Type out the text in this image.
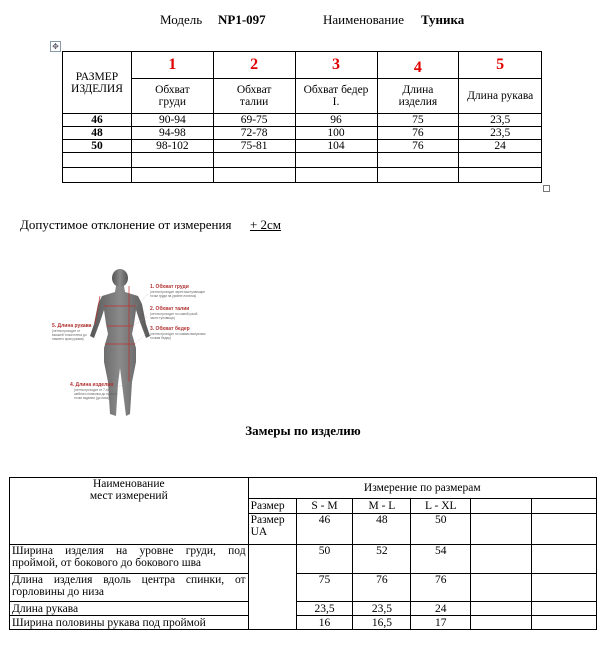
Модель NP1-097	Наименование Туника
✥
РАЗМЕР ИЗДЕЛИЯ	1	2	3	4	5

	Обхват груди	Обхват талии	Обхват бедер I.	Длина изделия	Длина рукава
46	90-94	69-75	96	75	23,5
48	94-98	72-78	100	76	23,5
50	98-102	75-81	104	76	24

Допустимое отклонение от измерения + 2см
1. Обхват груди
(лента проходит через выступающие
точки груди на уровне лопаток)
2. Обхват талии
(лента проходит по самой узкой
части туловища)
3. Обхват бедер
(лента проходит по самым выпуклым
точкам бедер)
4. Длина изделия
(лента проходит от 7-го
шейного позвонка до нужной
точки изделия (до низа))
5. Длина рукава
(лента проходит от
высшей точки плеча до
нижнего края рукава)
Замеры по изделию
Наименование
мест измерений	Измерение по размерам					
	Размер	S - M	M - L	L - XL		

	Размер
UA	46	48	50		

Ширина изделия на уровне груди, под
проймой, от бокового до бокового шва		50	52	54		

Длина изделия вдоль центра спинки, от
горловины до низа		75	76	76		
Длина рукава		23,5	23,5	24		
Ширина половины рукава под проймой		16	16,5	17		
